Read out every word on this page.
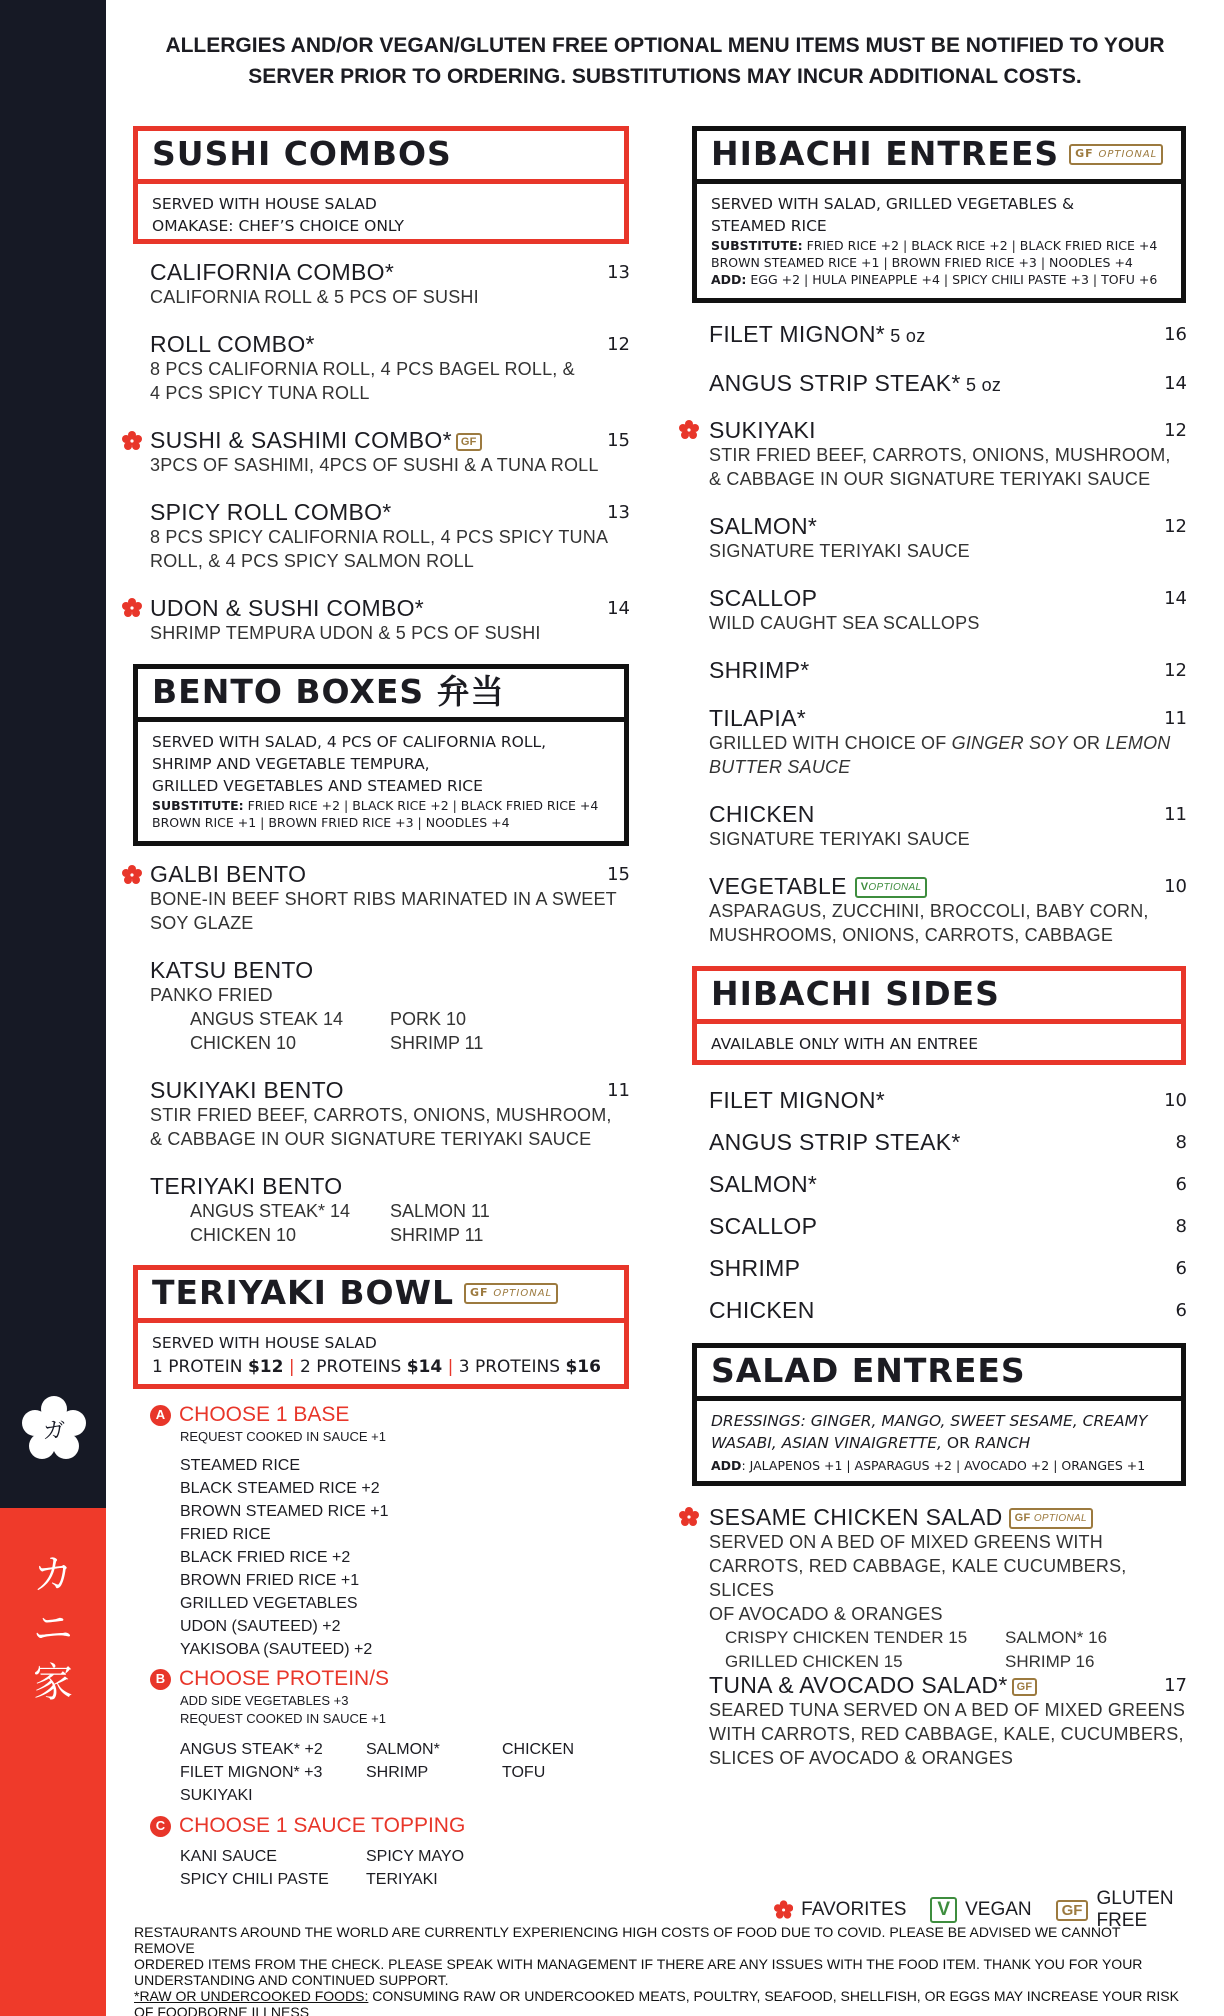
ガ
カ
ニ
家
ALLERGIES AND/OR VEGAN/GLUTEN FREE OPTIONAL MENU ITEMS MUST BE NOTIFIED TO YOUR
SERVER PRIOR TO ORDERING. SUBSTITUTIONS MAY INCUR ADDITIONAL COSTS.
SUSHI COMBOS
SERVED WITH HOUSE SALAD
OMAKASE: CHEF’S CHOICE ONLY
CALIFORNIA COMBO*	13
CALIFORNIA ROLL & 5 PCS OF SUSHI
ROLL COMBO*	12
8 PCS CALIFORNIA ROLL, 4 PCS BAGEL ROLL, &
4 PCS SPICY TUNA ROLL
SUSHI & SASHIMI COMBO* GF	15
3PCS OF SASHIMI, 4PCS OF SUSHI & A TUNA ROLL
SPICY ROLL COMBO*	13
8 PCS SPICY CALIFORNIA ROLL, 4 PCS SPICY TUNA
ROLL, & 4 PCS SPICY SALMON ROLL
UDON & SUSHI COMBO*	14
SHRIMP TEMPURA UDON & 5 PCS OF SUSHI
BENTO BOXES 弁当
SERVED WITH SALAD, 4 PCS OF CALIFORNIA ROLL,
SHRIMP AND VEGETABLE TEMPURA,
GRILLED VEGETABLES AND STEAMED RICE
SUBSTITUTE: FRIED RICE +2 | BLACK RICE +2 | BLACK FRIED RICE +4
BROWN RICE +1 | BROWN FRIED RICE +3 | NOODLES +4
GALBI BENTO	15
BONE-IN BEEF SHORT RIBS MARINATED IN A SWEET
SOY GLAZE
KATSU BENTO
PANKO FRIED
ANGUS STEAK 14	PORK 10
CHICKEN 10	SHRIMP 11
SUKIYAKI BENTO	11
STIR FRIED BEEF, CARROTS, ONIONS, MUSHROOM,
& CABBAGE IN OUR SIGNATURE TERIYAKI SAUCE
TERIYAKI BENTO
ANGUS STEAK* 14	SALMON 11
CHICKEN 10	SHRIMP 11
TERIYAKI BOWL	GF OPTIONAL
SERVED WITH HOUSE SALAD
1 PROTEIN $12 | 2 PROTEINS $14 | 3 PROTEINS $16
A CHOOSE 1 BASE
REQUEST COOKED IN SAUCE +1
STEAMED RICE
BLACK STEAMED RICE +2
BROWN STEAMED RICE +1
FRIED RICE
BLACK FRIED RICE +2
BROWN FRIED RICE +1
GRILLED VEGETABLES
UDON (SAUTEED) +2
YAKISOBA (SAUTEED) +2
B CHOOSE PROTEIN/S
ADD SIDE VEGETABLES +3
REQUEST COOKED IN SAUCE +1
ANGUS STEAK* +2	SALMON*	CHICKEN
FILET MIGNON* +3	SHRIMP	TOFU
SUKIYAKI
C CHOOSE 1 SAUCE TOPPING
KANI SAUCE	SPICY MAYO
SPICY CHILI PASTE	TERIYAKI
HIBACHI ENTREES	GF OPTIONAL
SERVED WITH SALAD, GRILLED VEGETABLES &
STEAMED RICE
SUBSTITUTE: FRIED RICE +2 | BLACK RICE +2 | BLACK FRIED RICE +4
BROWN STEAMED RICE +1 | BROWN FRIED RICE +3 | NOODLES +4
ADD: EGG +2 | HULA PINEAPPLE +4 | SPICY CHILI PASTE +3 | TOFU +6
FILET MIGNON* 5 oz	16
ANGUS STRIP STEAK* 5 oz	14
SUKIYAKI	12
STIR FRIED BEEF, CARROTS, ONIONS, MUSHROOM,
& CABBAGE IN OUR SIGNATURE TERIYAKI SAUCE
SALMON*	12
SIGNATURE TERIYAKI SAUCE
SCALLOP	14
WILD CAUGHT SEA SCALLOPS
SHRIMP*	12
TILAPIA*	11
GRILLED WITH CHOICE OF GINGER SOY OR LEMON
BUTTER SAUCE
CHICKEN	11
SIGNATURE TERIYAKI SAUCE
VEGETABLE VOPTIONAL	10
ASPARAGUS, ZUCCHINI, BROCCOLI, BABY CORN,
MUSHROOMS, ONIONS, CARROTS, CABBAGE
HIBACHI SIDES
AVAILABLE ONLY WITH AN ENTREE
FILET MIGNON*	10
ANGUS STRIP STEAK*	8
SALMON*	6
SCALLOP	8
SHRIMP	6
CHICKEN	6
SALAD ENTREES
DRESSINGS: GINGER, MANGO, SWEET SESAME, CREAMY
WASABI, ASIAN VINAIGRETTE, OR RANCH
ADD: JALAPENOS +1 | ASPARAGUS +2 | AVOCADO +2 | ORANGES +1
SESAME CHICKEN SALAD GF OPTIONAL
SERVED ON A BED OF MIXED GREENS WITH
CARROTS, RED CABBAGE, KALE CUCUMBERS, SLICES
OF AVOCADO & ORANGES
CRISPY CHICKEN TENDER 15	SALMON* 16
GRILLED CHICKEN 15	SHRIMP 16
TUNA & AVOCADO SALAD* GF	17
SEARED TUNA SERVED ON A BED OF MIXED GREENS
WITH CARROTS, RED CABBAGE, KALE, CUCUMBERS,
SLICES OF AVOCADO & ORANGES
FAVORITES	V VEGAN	GF
GLUTEN FREE
RESTAURANTS AROUND THE WORLD ARE CURRENTLY EXPERIENCING HIGH COSTS OF FOOD DUE TO COVID. PLEASE BE ADVISED WE CANNOT REMOVE
ORDERED ITEMS FROM THE CHECK. PLEASE SPEAK WITH MANAGEMENT IF THERE ARE ANY ISSUES WITH THE FOOD ITEM. THANK YOU FOR YOUR
UNDERSTANDING AND CONTINUED SUPPORT.
*RAW OR UNDERCOOKED FOODS: CONSUMING RAW OR UNDERCOOKED MEATS, POULTRY, SEAFOOD, SHELLFISH, OR EGGS MAY INCREASE YOUR RISK
OF FOODBORNE ILLNESS
